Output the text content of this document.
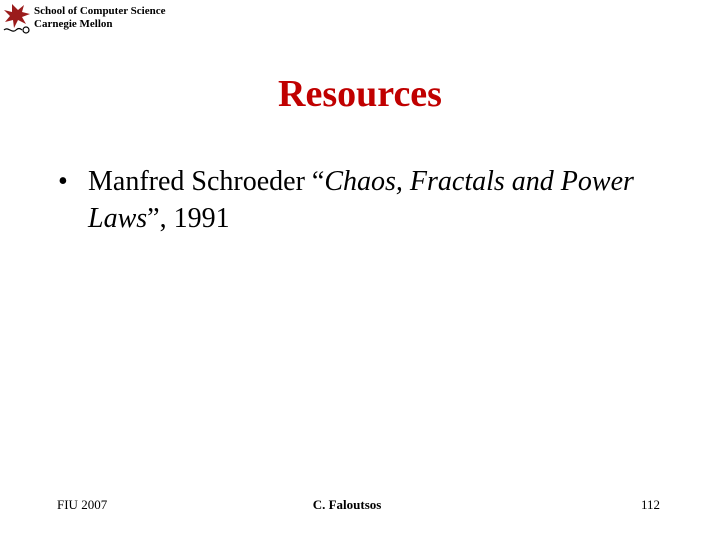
School of Computer Science
Carnegie Mellon
Resources
• Manfred Schroeder “Chaos, Fractals and Power Laws”, 1991
FIU 2007	C. Faloutsos	112
